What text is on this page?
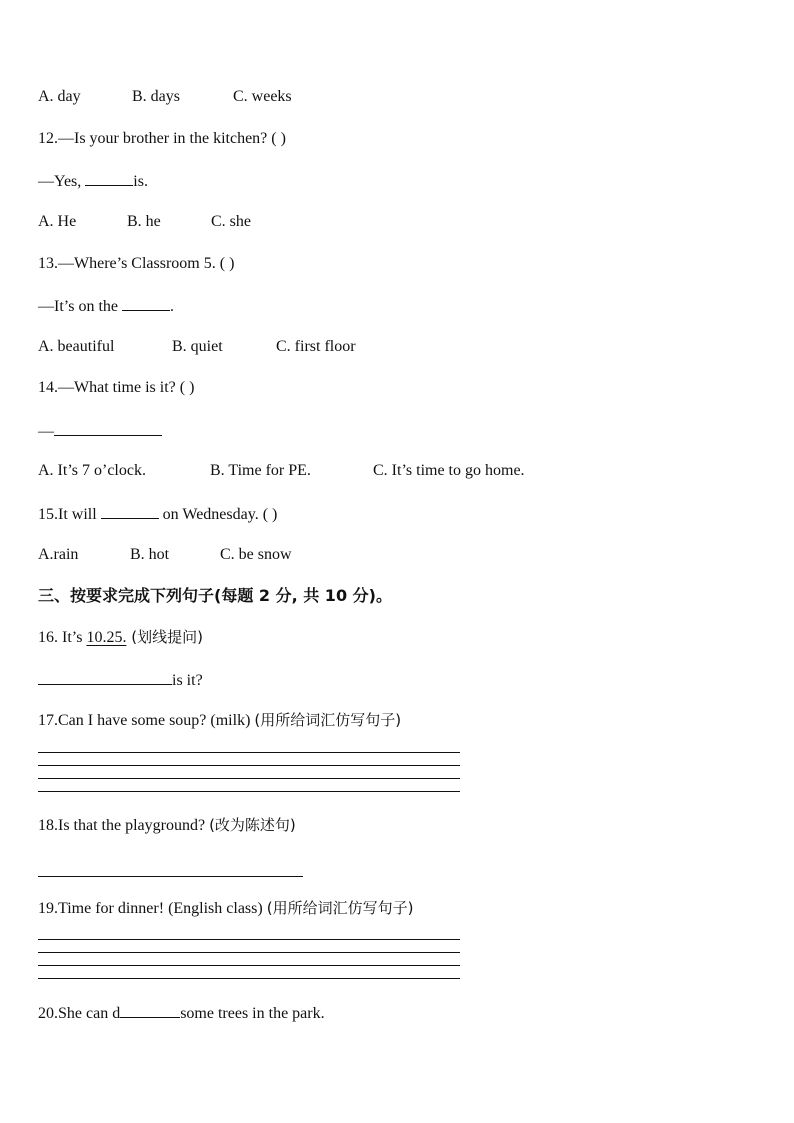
A. day	B. days	C. weeks
12.—Is your brother in the kitchen? ( )
—Yes,	is.
A. He	B. he	C. she
13.—Where’s Classroom 5. ( )
—It’s on the	.
A. beautiful	B. quiet	C. first floor
14.—What time is it? ( )
—
A. It’s 7 o’clock.	B. Time for PE.	C. It’s time to go home.
15.It will	on Wednesday. ( )
A.rain	B. hot	C. be snow
三、按要求完成下列句子(每题 2 分, 共 10 分)。
16. It’s 10.25. (划线提问)
is it?
17.Can I have some soup? (milk) (用所给词汇仿写句子)
18.Is that the playground? (改为陈述句)
19.Time for dinner! (English class) (用所给词汇仿写句子)
20.She can d	some trees in the park.
